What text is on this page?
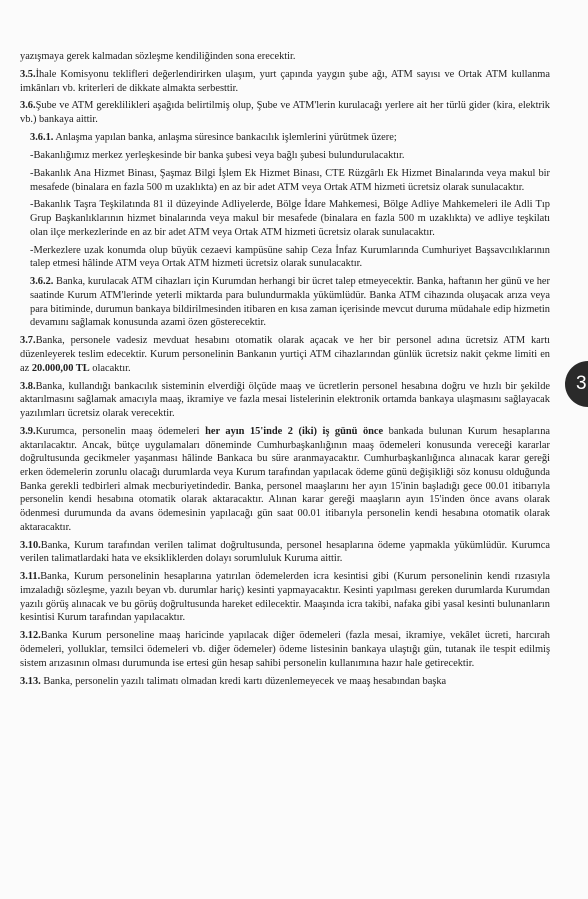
yazışmaya gerek kalmadan sözleşme kendiliğinden sona erecektir.

3.5.İhale Komisyonu teklifleri değerlendirirken ulaşım, yurt çapında yaygın şube ağı, ATM sayısı ve Ortak ATM kullanma imkânları vb. kriterleri de dikkate almakta serbesttir.

3.6.Şube ve ATM gereklilikleri aşağıda belirtilmiş olup, Şube ve ATM'lerin kurulacağı yerlere ait her türlü gider (kira, elektrik vb.) bankaya aittir.

3.6.1. Anlaşma yapılan banka, anlaşma süresince bankacılık işlemlerini yürütmek üzere;

-Bakanlığımız merkez yerleşkesinde bir banka şubesi veya bağlı şubesi bulundurulacaktır.

-Bakanlık Ana Hizmet Binası, Şaşmaz Bilgi İşlem Ek Hizmet Binası, CTE Rüzgârlı Ek Hizmet Binalarında veya makul bir mesafede (binalara en fazla 500 m uzaklıkta) en az bir adet ATM veya Ortak ATM hizmeti ücretsiz olarak sunulacaktır.

-Bakanlık Taşra Teşkilatında 81 il düzeyinde Adliyelerde, Bölge İdare Mahkemesi, Bölge Adliye Mahkemeleri ile Adli Tıp Grup Başkanlıklarının hizmet binalarında veya makul bir mesafede (binalara en fazla 500 m uzaklıkta) ve adliye teşkilatı olan ilçe merkezlerinde en az bir adet ATM veya Ortak ATM hizmeti ücretsiz olarak sunulacaktır.

-Merkezlere uzak konumda olup büyük cezaevi kampüsüne sahip Ceza İnfaz Kurumlarında Cumhuriyet Başsavcılıklarının talep etmesi hâlinde ATM veya Ortak ATM hizmeti ücretsiz olarak sunulacaktır.

3.6.2. Banka, kurulacak ATM cihazları için Kurumdan herhangi bir ücret talep etmeyecektir. Banka, haftanın her günü ve her saatinde Kurum ATM'lerinde yeterli miktarda para bulundurmakla yükümlüdür. Banka ATM cihazında oluşacak arıza veya para bitiminde, durumun bankaya bildirilmesinden itibaren en kısa zaman içerisinde mevcut duruma müdahale edip hizmetin devamını sağlamak konusunda azami özen gösterecektir.

3.7.Banka, personele vadesiz mevduat hesabını otomatik olarak açacak ve her bir personel adına ücretsiz ATM kartı düzenleyerek teslim edecektir. Kurum personelinin Bankanın yurtiçi ATM cihazlarından günlük ücretsiz nakit çekme limiti en az 20.000,00 TL olacaktır.

3.8.Banka, kullandığı bankacılık sisteminin elverdiği ölçüde maaş ve ücretlerin personel hesabına doğru ve hızlı bir şekilde aktarılmasını sağlamak amacıyla maaş, ikramiye ve fazla mesai listelerinin elektronik ortamda bankaya ulaşmasını sağlayacak yazılımları ücretsiz olarak verecektir.

3.9.Kurumca, personelin maaş ödemeleri her ayın 15'inde 2 (iki) iş günü önce bankada bulunan Kurum hesaplarına aktarılacaktır. Ancak, bütçe uygulamaları döneminde Cumhurbaşkanlığının maaş ödemeleri konusunda vereceği kararlar doğrultusunda gecikmeler yaşanması hâlinde Bankaca bu süre aranmayacaktır. Cumhurbaşkanlığınca alınacak karar gereği erken ödemelerin zorunlu olacağı durumlarda veya Kurum tarafından yapılacak ödeme günü değişikliği söz konusu olduğunda Banka gerekli tedbirleri almak mecburiyetindedir. Banka, personel maaşlarını her ayın 15'inin başladığı gece 00.01 itibarıyla personelin kendi hesabına otomatik olarak aktaracaktır. Alınan karar gereği maaşların ayın 15'inden önce avans olarak ödenmesi durumunda da avans ödemesinin yapılacağı gün saat 00.01 itibarıyla personelin kendi hesabına otomatik olarak aktaracaktır.

3.10.Banka, Kurum tarafından verilen talimat doğrultusunda, personel hesaplarına ödeme yapmakla yükümlüdür. Kurumca verilen talimatlardaki hata ve eksikliklerden dolayı sorumluluk Kuruma aittir.

3.11.Banka, Kurum personelinin hesaplarına yatırılan ödemelerden icra kesintisi gibi (Kurum personelinin kendi rızasıyla imzaladığı sözleşme, yazılı beyan vb. durumlar hariç) kesinti yapmayacaktır. Kesinti yapılması gereken durumlarda Kurumdan yazılı görüş alınacak ve bu görüş doğrultusunda hareket edilecektir. Maaşında icra takibi, nafaka gibi yasal kesinti bulunanların kesintisi Kurum tarafından yapılacaktır.

3.12.Banka Kurum personeline maaş haricinde yapılacak diğer ödemeleri (fazla mesai, ikramiye, vekâlet ücreti, harcırah ödemeleri, yolluklar, temsilci ödemeleri vb. diğer ödemeler) ödeme listesinin bankaya ulaştığı gün, tutanak ile tespit edilmiş sistem arızasının olması durumunda ise ertesi gün hesap sahibi personelin kullanımına hazır hale getirecektir.

3.13. Banka, personelin yazılı talimatı olmadan kredi kartı düzenlemeyecek ve maaş hesabından başka

3
